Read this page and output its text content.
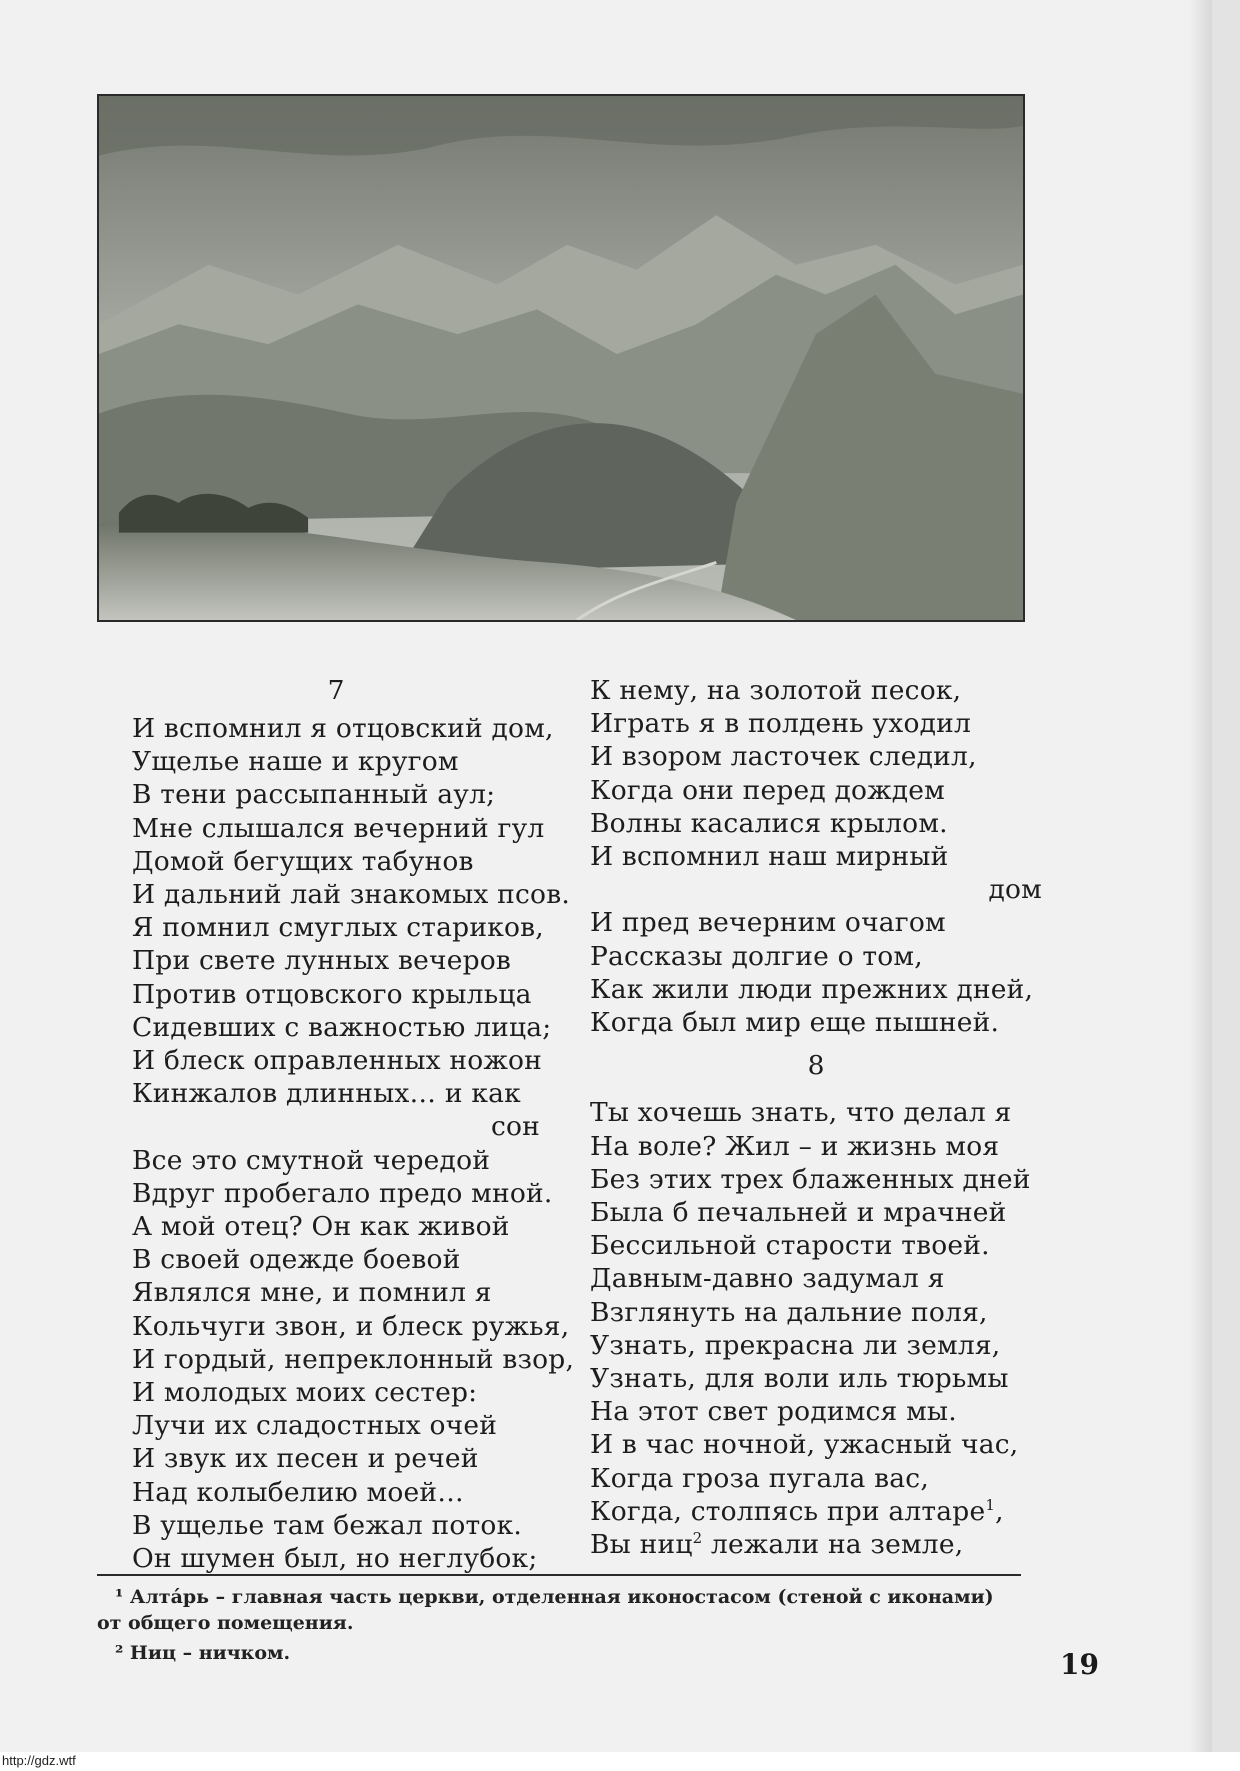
7
И вспомнил я отцовский дом,
Ущелье наше и кругом
В тени рассыпанный аул;
Мне слышался вечерний гул
Домой бегущих табунов
И дальний лай знакомых псов.
Я помнил смуглых стариков,
При свете лунных вечеров
Против отцовского крыльца
Сидевших с важностью лица;
И блеск оправленных ножон
Кинжалов длинных… и как
сон
Все это смутной чередой
Вдруг пробегало предо мной.
А мой отец? Он как живой
В своей одежде боевой
Являлся мне, и помнил я
Кольчуги звон, и блеск ружья,
И гордый, непреклонный взор,
И молодых моих сестер:
Лучи их сладостных очей
И звук их песен и речей
Над колыбелию моей…
В ущелье там бежал поток.
Он шумен был, но неглубок;
К нему, на золотой песок,
Играть я в полдень уходил
И взором ласточек следил,
Когда они перед дождем
Волны касалися крылом.
И вспомнил наш мирный
дом
И пред вечерним очагом
Рассказы долгие о том,
Как жили люди прежних дней,
Когда был мир еще пышней.
8
Ты хочешь знать, что делал я
На воле? Жил – и жизнь моя
Без этих трех блаженных дней
Была б печальней и мрачней
Бессильной старости твоей.
Давным-давно задумал я
Взглянуть на дальние поля,
Узнать, прекрасна ли земля,
Узнать, для воли иль тюрьмы
На этот свет родимся мы.
И в час ночной, ужасный час,
Когда гроза пугала вас,
Когда, столпясь при алтаре$^1$,
Вы ниц$^2$ лежали на земле,
¹ Алта́рь – главная часть церкви, отделенная иконостасом (стеной с иконами)
от общего помещения.
² Ниц – ничком.	19
http://gdz.wtf
